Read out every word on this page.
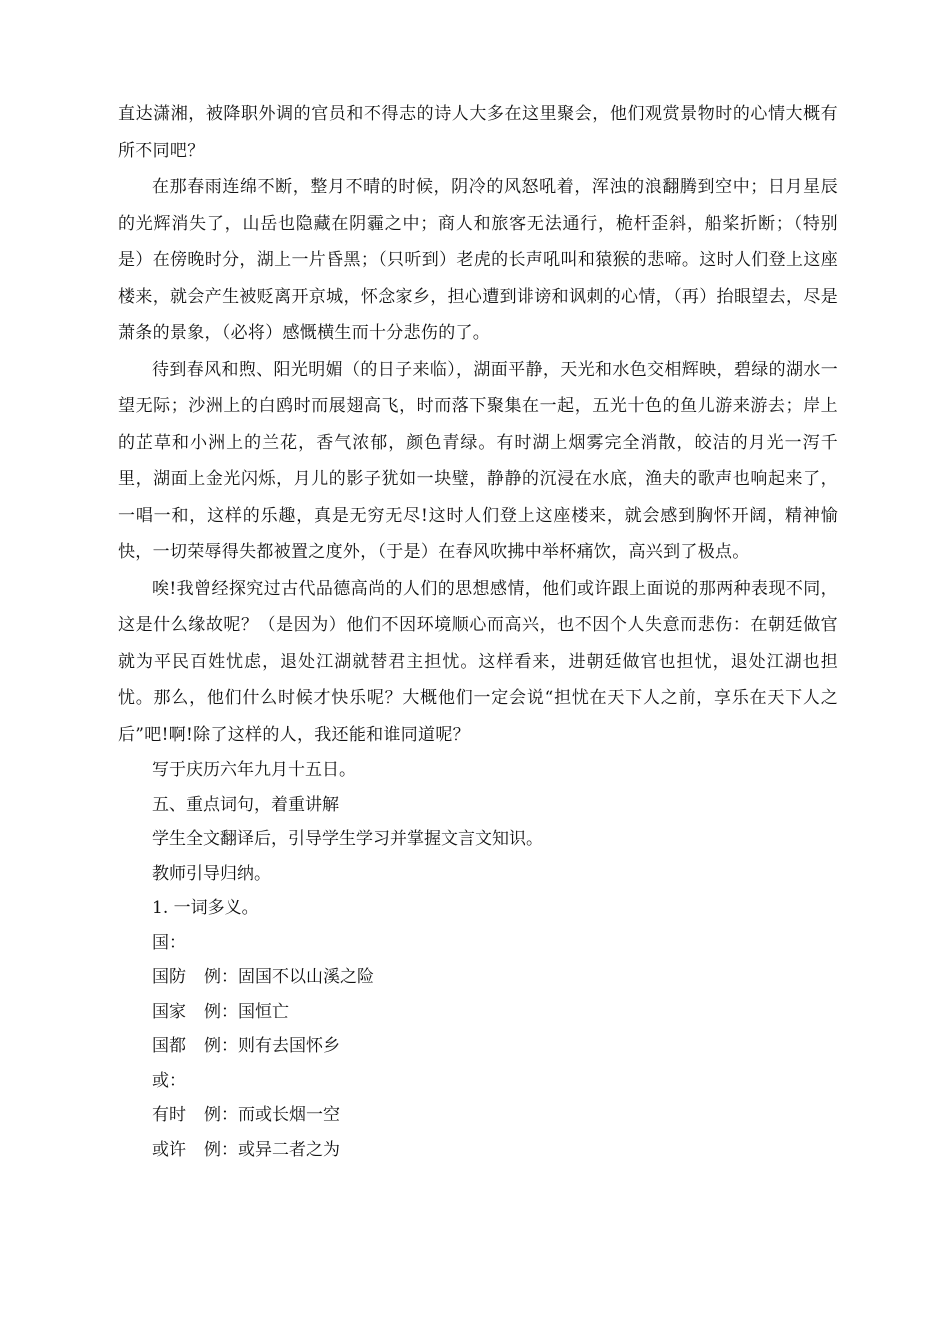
直达潇湘，被降职外调的官员和不得志的诗人大多在这里聚会，他们观赏景物时的心情大概有所不同吧？

在那春雨连绵不断，整月不晴的时候，阴冷的风怒吼着，浑浊的浪翻腾到空中；日月星辰的光辉消失了，山岳也隐藏在阴霾之中；商人和旅客无法通行，桅杆歪斜，船桨折断；（特别是）在傍晚时分，湖上一片昏黑；（只听到）老虎的长声吼叫和猿猴的悲啼。这时人们登上这座楼来，就会产生被贬离开京城，怀念家乡，担心遭到诽谤和讽刺的心情，（再）抬眼望去，尽是萧条的景象，（必将）感慨横生而十分悲伤的了。

待到春风和煦、阳光明媚（的日子来临），湖面平静，天光和水色交相辉映，碧绿的湖水一望无际；沙洲上的白鸥时而展翅高飞，时而落下聚集在一起，五光十色的鱼儿游来游去；岸上的芷草和小洲上的兰花，香气浓郁，颜色青绿。有时湖上烟雾完全消散，皎洁的月光一泻千里，湖面上金光闪烁，月儿的影子犹如一块璧，静静的沉浸在水底，渔夫的歌声也响起来了，一唱一和，这样的乐趣，真是无穷无尽!这时人们登上这座楼来，就会感到胸怀开阔，精神愉快，一切荣辱得失都被置之度外，（于是）在春风吹拂中举杯痛饮，高兴到了极点。

唉!我曾经探究过古代品德高尚的人们的思想感情，他们或许跟上面说的那两种表现不同，这是什么缘故呢？（是因为）他们不因环境顺心而高兴，也不因个人失意而悲伤：在朝廷做官就为平民百姓忧虑，退处江湖就替君主担忧。这样看来，进朝廷做官也担忧，退处江湖也担忧。那么，他们什么时候才快乐呢？大概他们一定会说“担忧在天下人之前，享乐在天下人之后”吧!啊!除了这样的人，我还能和谁同道呢？

写于庆历六年九月十五日。

五、重点词句，着重讲解

学生全文翻译后，引导学生学习并掌握文言文知识。

教师引导归纳。

1. 一词多义。

国：

国防 例：固国不以山溪之险

国家 例：国恒亡

国都 例：则有去国怀乡

或：

有时 例：而或长烟一空

或许 例：或异二者之为
